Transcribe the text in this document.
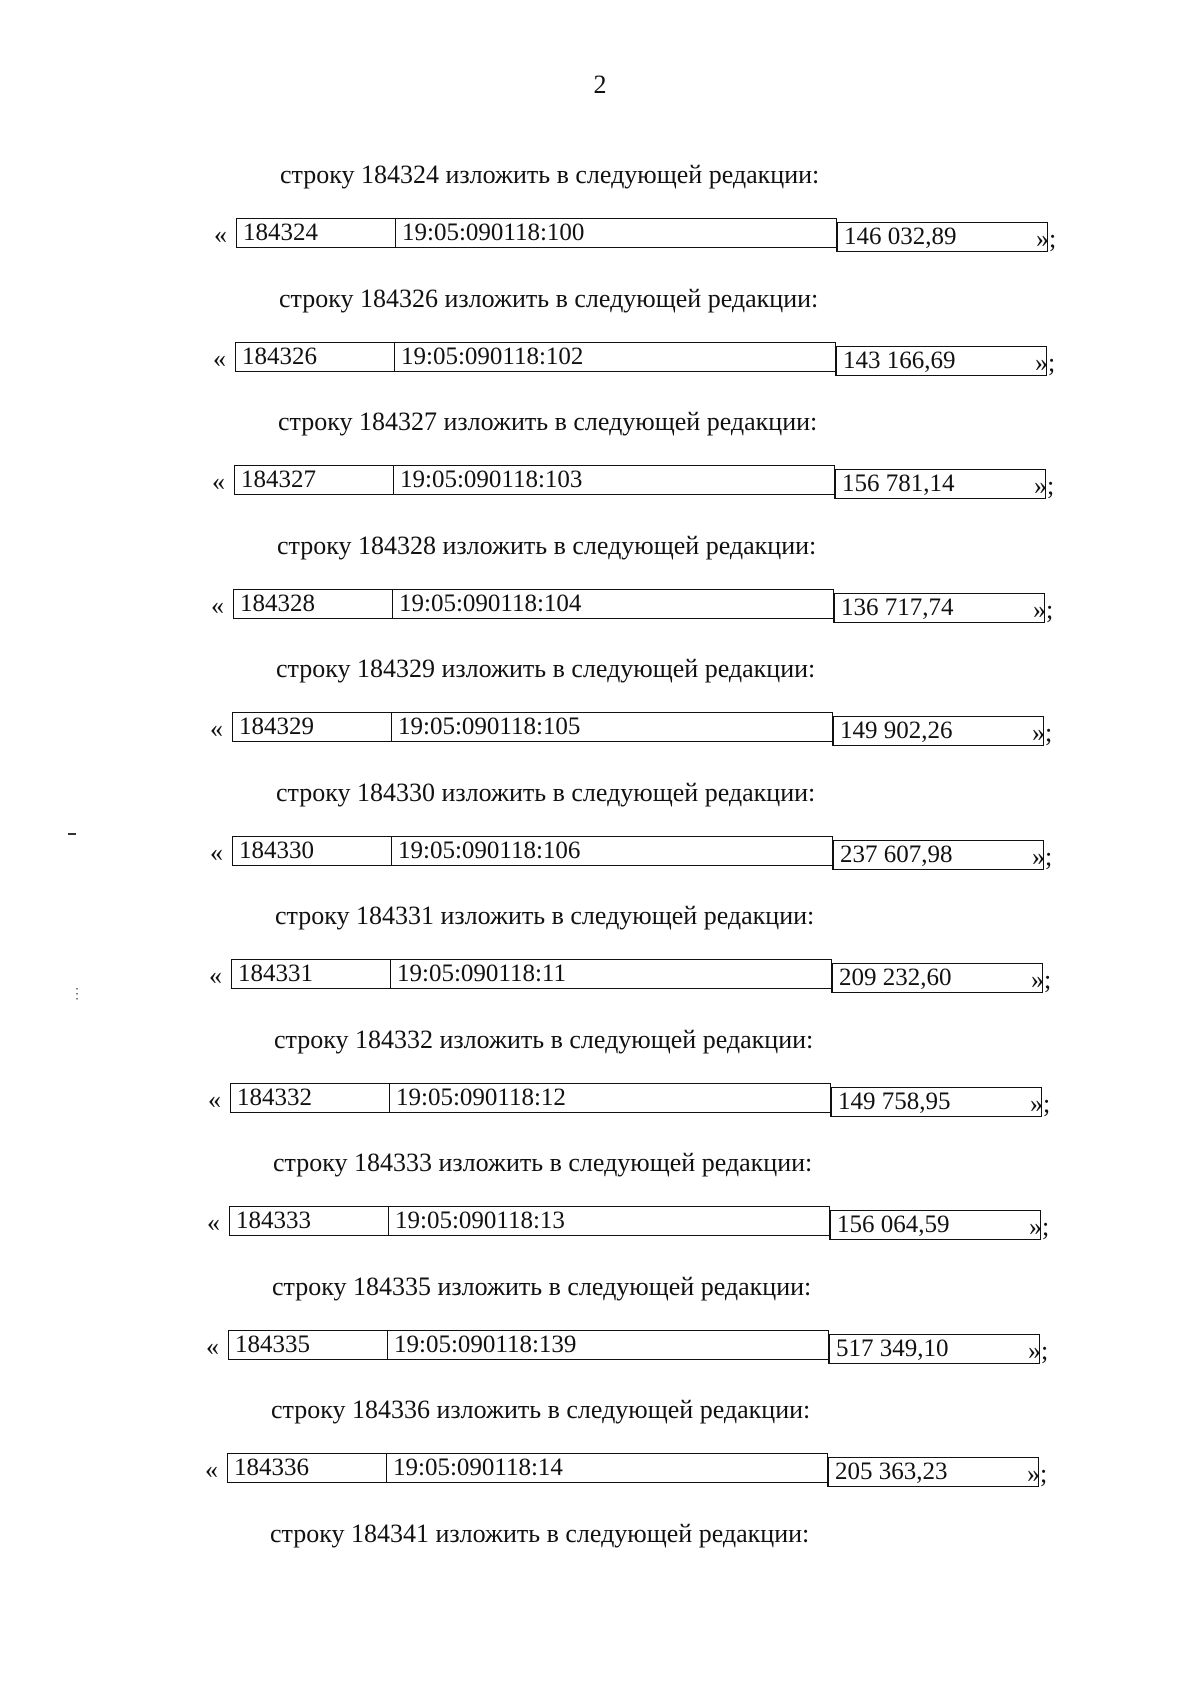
2
строку 184324 изложить в следующей редакции:
« 184324	19:05:090118:100	146 032,89	»;
строку 184326 изложить в следующей редакции:
« 184326	19:05:090118:102	143 166,69	»;
строку 184327 изложить в следующей редакции:
« 184327	19:05:090118:103	156 781,14	»;
строку 184328 изложить в следующей редакции:
« 184328	19:05:090118:104	136 717,74	»;
строку 184329 изложить в следующей редакции:
« 184329	19:05:090118:105	149 902,26	»;
строку 184330 изложить в следующей редакции:
« 184330	19:05:090118:106	237 607,98	»;
строку 184331 изложить в следующей редакции:
« 184331	19:05:090118:11	209 232,60	»;
строку 184332 изложить в следующей редакции:
« 184332	19:05:090118:12	149 758,95	»;
строку 184333 изложить в следующей редакции:
« 184333	19:05:090118:13	156 064,59	»;
строку 184335 изложить в следующей редакции:
« 184335	19:05:090118:139	517 349,10	»;
строку 184336 изложить в следующей редакции:
« 184336	19:05:090118:14	205 363,23	»;
строку 184341 изложить в следующей редакции:
⋮
